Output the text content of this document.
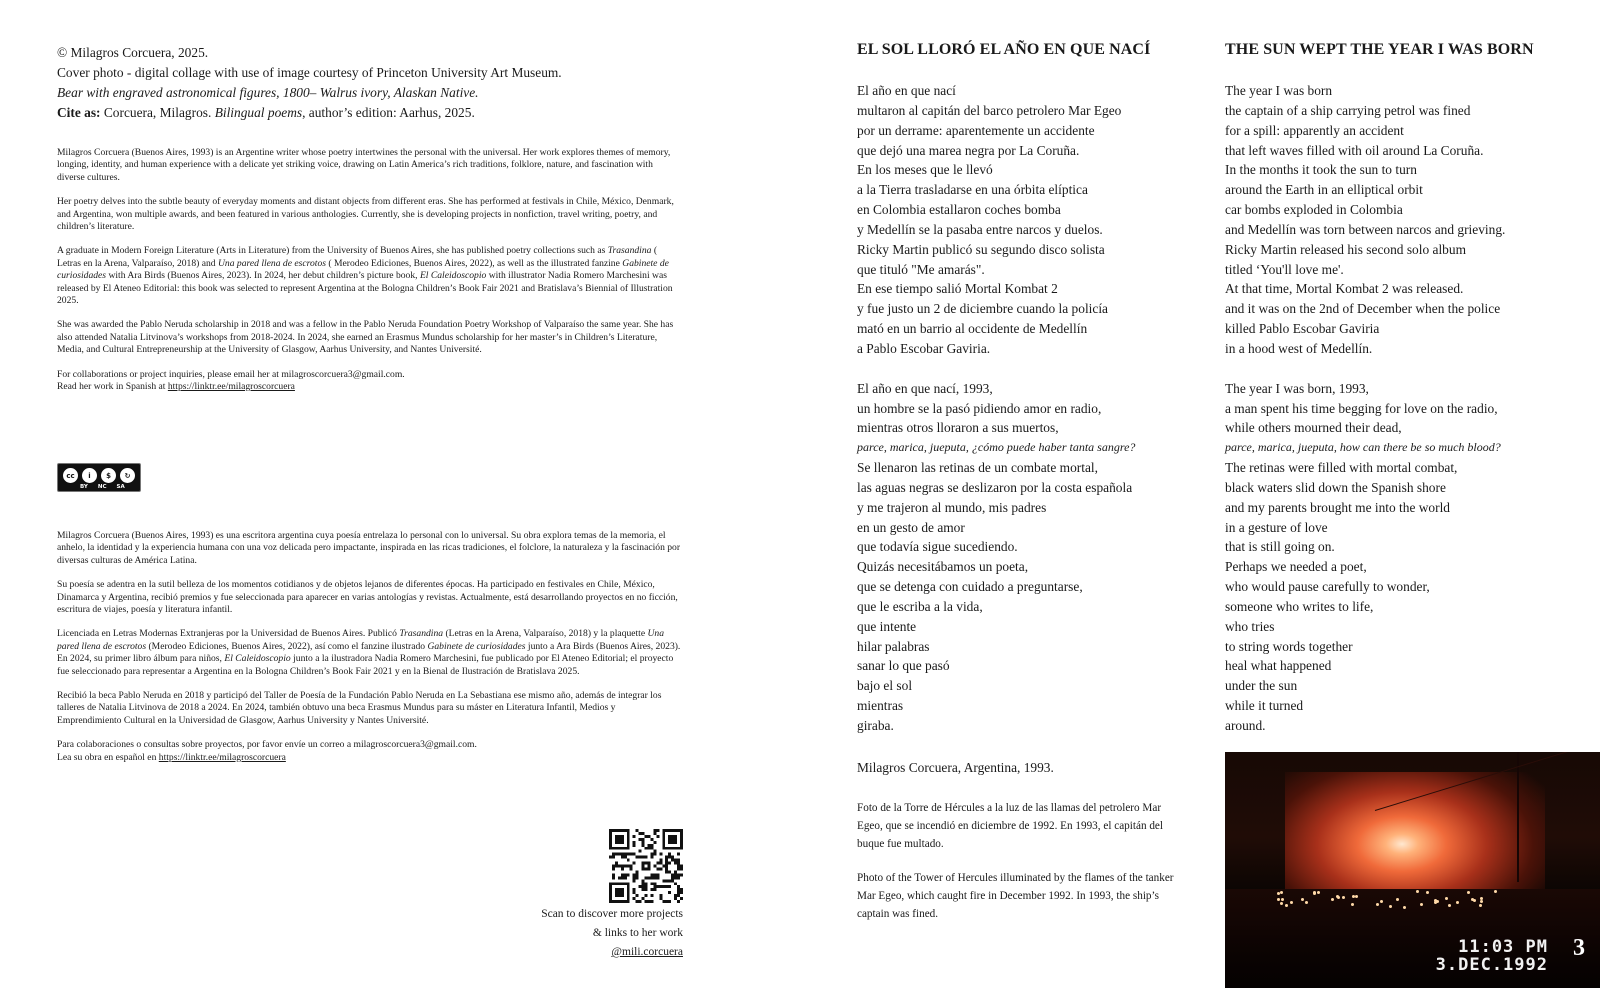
© Milagros Corcuera, 2025.
Cover photo - digital collage with use of image courtesy of Princeton University Art Museum.
Bear with engraved astronomical figures, 1800– Walrus ivory, Alaskan Native.
Cite as: Corcuera, Milagros. Bilingual poems, author’s edition: Aarhus, 2025.

Milagros Corcuera (Buenos Aires, 1993) is an Argentine writer whose poetry intertwines the personal with the universal. Her work explores themes of memory, longing, identity, and human experience with a delicate yet striking voice, drawing on Latin America’s rich traditions, folklore, nature, and fascination with diverse cultures.

Her poetry delves into the subtle beauty of everyday moments and distant objects from different eras. She has performed at festivals in Chile, México, Denmark, and Argentina, won multiple awards, and been featured in various anthologies. Currently, she is developing projects in nonfiction, travel writing, poetry, and children’s literature.

A graduate in Modern Foreign Literature (Arts in Literature) from the University of Buenos Aires, she has published poetry collections such as Trasandina ( Letras en la Arena, Valparaíso, 2018) and Una pared llena de escrotos ( Merodeo Ediciones, Buenos Aires, 2022), as well as the illustrated fanzine Gabinete de curiosidades with Ara Birds (Buenos Aires, 2023). In 2024, her debut children’s picture book, El Caleidoscopio with illustrator Nadia Romero Marchesini was released by El Ateneo Editorial: this book was selected to represent Argentina at the Bologna Children’s Book Fair 2021 and Bratislava’s Biennial of Illustration 2025.

She was awarded the Pablo Neruda scholarship in 2018 and was a fellow in the Pablo Neruda Foundation Poetry Workshop of Valparaíso the same year. She has also attended Natalia Litvinova’s workshops from 2018-2024. In 2024, she earned an Erasmus Mundus scholarship for her master’s in Children’s Literature, Media, and Cultural Entrepreneurship at the University of Glasgow, Aarhus University, and Nantes Université.

For collaborations or project inquiries, please email her at milagroscorcuera3@gmail.com.
Read her work in Spanish at https://linktr.ee/milagroscorcuera

cc	i	$	↻
BY NC SA

Milagros Corcuera (Buenos Aires, 1993) es una escritora argentina cuya poesía entrelaza lo personal con lo universal. Su obra explora temas de la memoria, el anhelo, la identidad y la experiencia humana con una voz delicada pero impactante, inspirada en las ricas tradiciones, el folclore, la naturaleza y la fascinación por diversas culturas de América Latina.

Su poesía se adentra en la sutil belleza de los momentos cotidianos y de objetos lejanos de diferentes épocas. Ha participado en festivales en Chile, México, Dinamarca y Argentina, recibió premios y fue seleccionada para aparecer en varias antologías y revistas. Actualmente, está desarrollando proyectos en no ficción, escritura de viajes, poesía y literatura infantil.

Licenciada en Letras Modernas Extranjeras por la Universidad de Buenos Aires. Publicó Trasandina (Letras en la Arena, Valparaíso, 2018) y la plaquette Una pared llena de escrotos (Merodeo Ediciones, Buenos Aires, 2022), así como el fanzine ilustrado Gabinete de curiosidades junto a Ara Birds (Buenos Aires, 2023). En 2024, su primer libro álbum para niños, El Caleidoscopio junto a la ilustradora Nadia Romero Marchesini, fue publicado por El Ateneo Editorial; el proyecto fue seleccionado para representar a Argentina en la Bologna Children’s Book Fair 2021 y en la Bienal de Ilustración de Bratislava 2025.

Recibió la beca Pablo Neruda en 2018 y participó del Taller de Poesía de la Fundación Pablo Neruda en La Sebastiana ese mismo año, además de integrar los talleres de Natalia Litvinova de 2018 a 2024. En 2024, también obtuvo una beca Erasmus Mundus para su máster en Literatura Infantil, Medios y Emprendimiento Cultural en la Universidad de Glasgow, Aarhus University y Nantes Université.

Para colaboraciones o consultas sobre proyectos, por favor envíe un correo a milagroscorcuera3@gmail.com.
Lea su obra en español en https://linktr.ee/milagroscorcuera

Scan to discover more projects
& links to her work
@mili.corcuera
EL SOL LLORÓ EL AÑO EN QUE NACÍ	THE SUN WEPT THE YEAR I WAS BORN
El año en que nací
multaron al capitán del barco petrolero Mar Egeo
por un derrame: aparentemente un accidente
que dejó una marea negra por La Coruña.
En los meses que le llevó
a la Tierra trasladarse en una órbita elíptica
en Colombia estallaron coches bomba
y Medellín se la pasaba entre narcos y duelos.
Ricky Martin publicó su segundo disco solista
que tituló "Me amarás".
En ese tiempo salió Mortal Kombat 2
y fue justo un 2 de diciembre cuando la policía
mató en un barrio al occidente de Medellín
a Pablo Escobar Gaviria.
El año en que nací, 1993,
un hombre se la pasó pidiendo amor en radio,
mientras otros lloraron a sus muertos,
parce, marica, jueputa, ¿cómo puede haber tanta sangre?
Se llenaron las retinas de un combate mortal,
las aguas negras se deslizaron por la costa española
y me trajeron al mundo, mis padres
en un gesto de amor
que todavía sigue sucediendo.
Quizás necesitábamos un poeta,
que se detenga con cuidado a preguntarse,
que le escriba a la vida,
que intente
hilar palabras
sanar lo que pasó
bajo el sol
mientras
giraba.
The year I was born
the captain of a ship carrying petrol was fined
for a spill: apparently an accident
that left waves filled with oil around La Coruña.
In the months it took the sun to turn
around the Earth in an elliptical orbit
car bombs exploded in Colombia
and Medellín was torn between narcos and grieving.
Ricky Martin released his second solo album
titled ‘You'll love me'.
At that time, Mortal Kombat 2 was released.
and it was on the 2nd of December when the police
killed Pablo Escobar Gaviria
in a hood west of Medellín.
The year I was born, 1993,
a man spent his time begging for love on the radio,
while others mourned their dead,
parce, marica, jueputa, how can there be so much blood?
The retinas were filled with mortal combat,
black waters slid down the Spanish shore
and my parents brought me into the world
in a gesture of love
that is still going on.
Perhaps we needed a poet,
who would pause carefully to wonder,
someone who writes to life,
who tries
to string words together
heal what happened
under the sun
while it turned
around.
Milagros Corcuera, Argentina, 1993.
Foto de la Torre de Hércules a la luz de las llamas del petrolero Mar Egeo, que se incendió en diciembre de 1992. En 1993, el capitán del buque fue multado.
Photo of the Tower of Hercules illuminated by the flames of the tanker Mar Egeo, which caught fire in December 1992. In 1993, the ship’s captain was fined.
11:03 PM
3.DEC.1992
3
